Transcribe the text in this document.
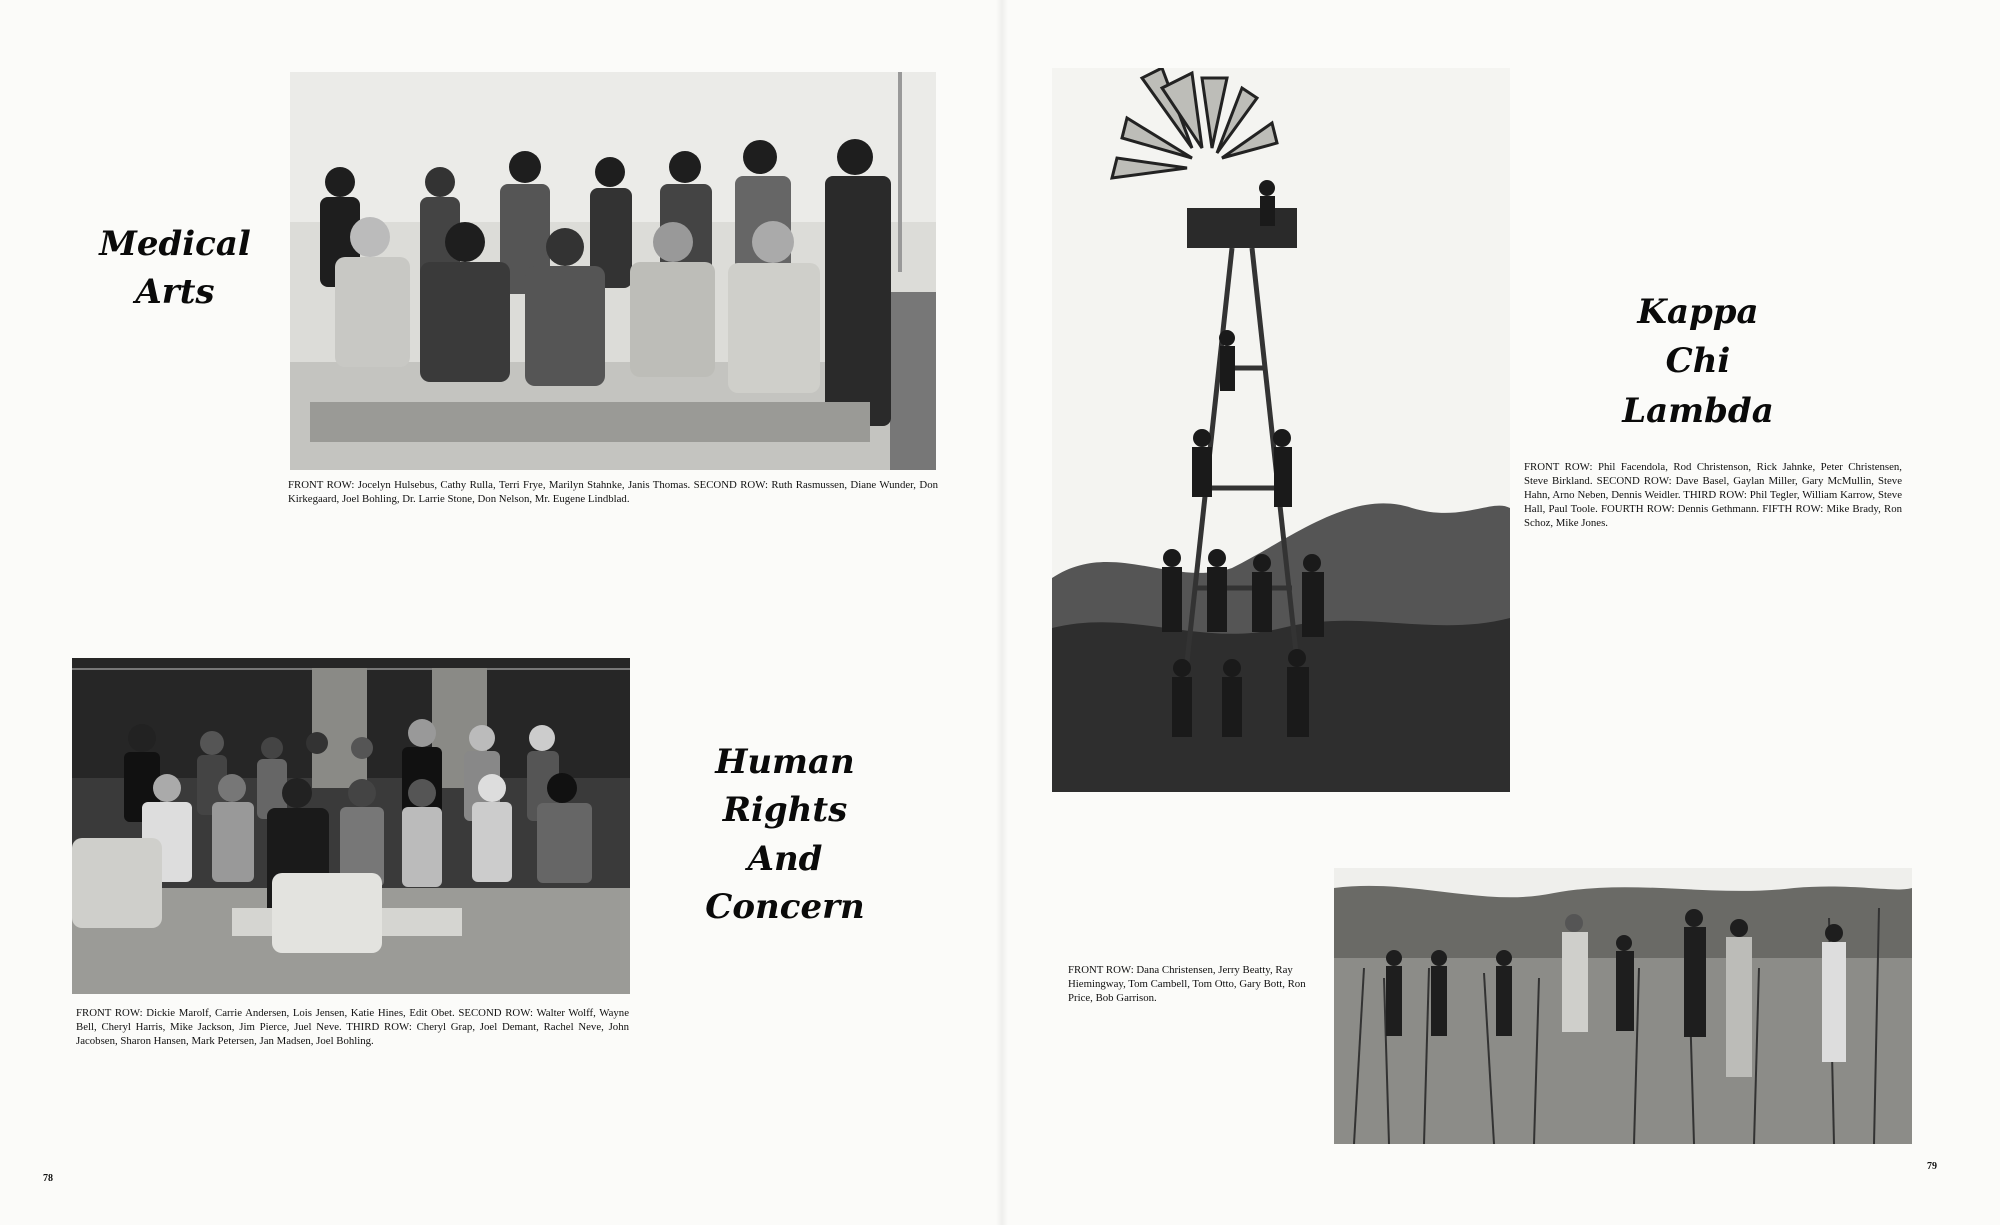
Medical
Arts
FRONT ROW: Jocelyn Hulsebus, Cathy Rulla, Terri Frye, Marilyn Stahnke, Janis Thomas. SECOND ROW: Ruth Rasmussen, Diane Wunder, Don Kirkegaard, Joel Bohling, Dr. Larrie Stone, Don Nelson, Mr. Eugene Lindblad.
Human
Rights
And
Concern
FRONT ROW: Dickie Marolf, Carrie Andersen, Lois Jensen, Katie Hines, Edit Obet. SECOND ROW: Walter Wolff, Wayne Bell, Cheryl Harris, Mike Jackson, Jim Pierce, Juel Neve. THIRD ROW: Cheryl Grap, Joel Demant, Rachel Neve, John Jacobsen, Sharon Hansen, Mark Petersen, Jan Madsen, Joel Bohling.
78
Kappa
Chi
Lambda
FRONT ROW: Phil Facendola, Rod Christenson, Rick Jahnke, Peter Christensen, Steve Birkland. SECOND ROW: Dave Basel, Gaylan Miller, Gary McMullin, Steve Hahn, Arno Neben, Dennis Weidler. THIRD ROW: Phil Tegler, William Karrow, Steve Hall, Paul Toole. FOURTH ROW: Dennis Gethmann. FIFTH ROW: Mike Brady, Ron Schoz, Mike Jones.
FRONT ROW: Dana Christensen, Jerry Beatty, Ray Hiemingway, Tom Cambell, Tom Otto, Gary Bott, Ron Price, Bob Garrison.
79
